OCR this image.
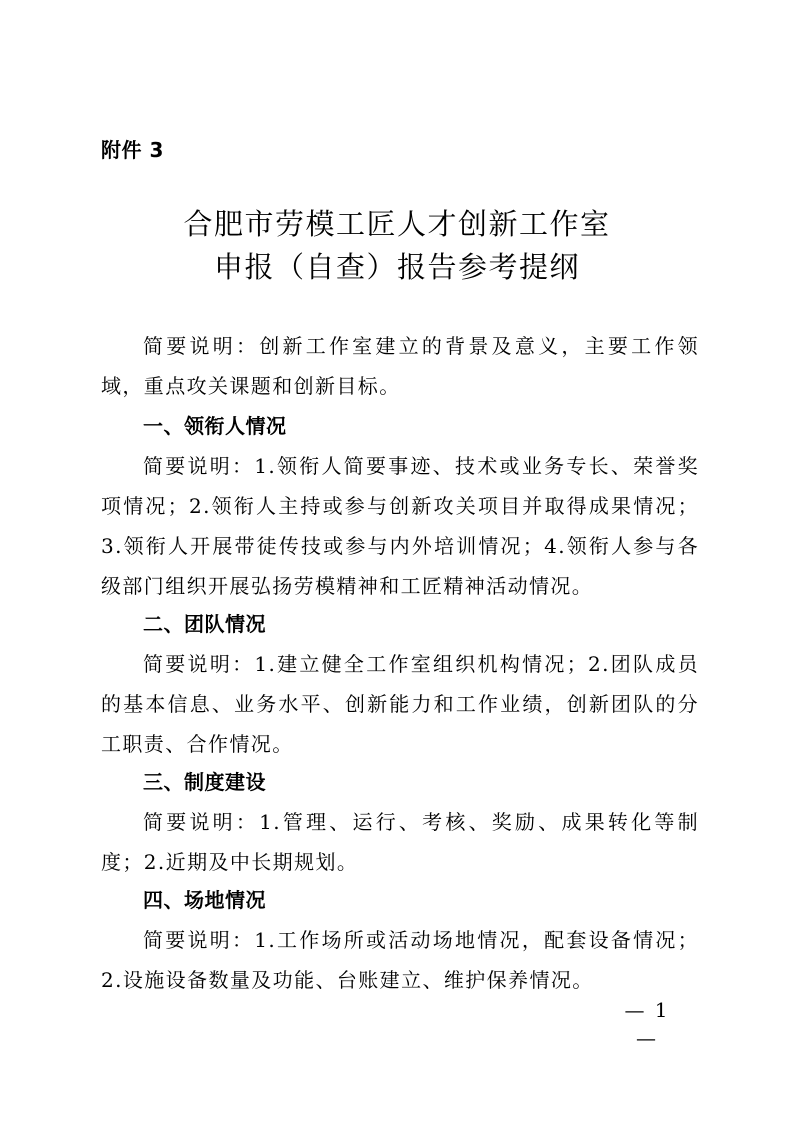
附件 3
合肥市劳模工匠人才创新工作室
申报（自查）报告参考提纲

简要说明：创新工作室建立的背景及意义，主要工作领域，重点攻关课题和创新目标。

一、领衔人情况

简要说明：1.领衔人简要事迹、技术或业务专长、荣誉奖项情况；2.领衔人主持或参与创新攻关项目并取得成果情况；3.领衔人开展带徒传技或参与内外培训情况；4.领衔人参与各级部门组织开展弘扬劳模精神和工匠精神活动情况。

二、团队情况

简要说明：1.建立健全工作室组织机构情况；2.团队成员的基本信息、业务水平、创新能力和工作业绩，创新团队的分工职责、合作情况。

三、制度建设

简要说明：1.管理、运行、考核、奖励、成果转化等制度；2.近期及中长期规划。

四、场地情况

简要说明：1.工作场所或活动场地情况，配套设备情况；2.设施设备数量及功能、台账建立、维护保养情况。

— 1 —
